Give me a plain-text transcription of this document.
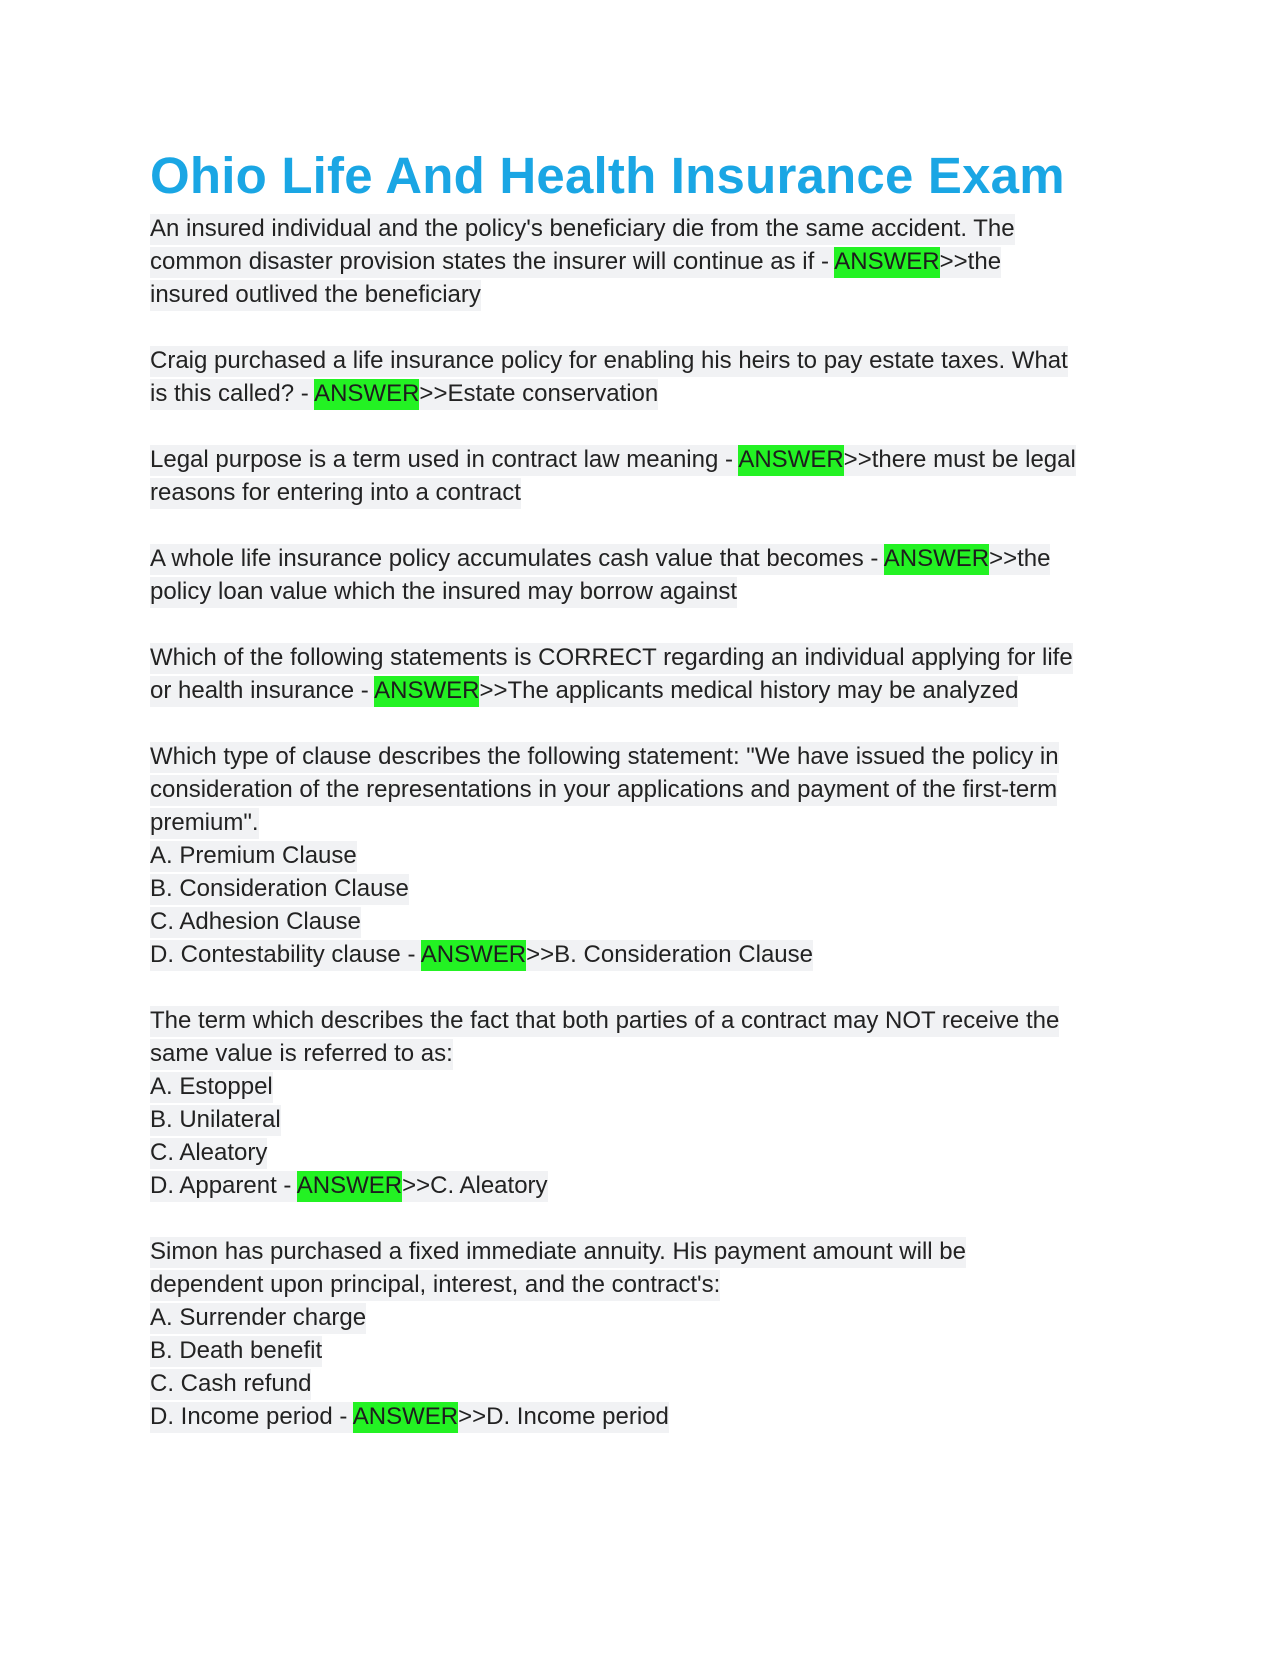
Ohio Life And Health Insurance Exam
An insured individual and the policy's beneficiary die from the same accident. The
common disaster provision states the insurer will continue as if - ANSWER>>the
insured outlived the beneficiary
Craig purchased a life insurance policy for enabling his heirs to pay estate taxes. What
is this called? - ANSWER>>Estate conservation
Legal purpose is a term used in contract law meaning - ANSWER>>there must be legal
reasons for entering into a contract
A whole life insurance policy accumulates cash value that becomes - ANSWER>>the
policy loan value which the insured may borrow against
Which of the following statements is CORRECT regarding an individual applying for life
or health insurance - ANSWER>>The applicants medical history may be analyzed
Which type of clause describes the following statement: "We have issued the policy in
consideration of the representations in your applications and payment of the first-term
premium".
A. Premium Clause
B. Consideration Clause
C. Adhesion Clause
D. Contestability clause - ANSWER>>B. Consideration Clause
The term which describes the fact that both parties of a contract may NOT receive the
same value is referred to as:
A. Estoppel
B. Unilateral
C. Aleatory
D. Apparent - ANSWER>>C. Aleatory
Simon has purchased a fixed immediate annuity. His payment amount will be
dependent upon principal, interest, and the contract's:
A. Surrender charge
B. Death benefit
C. Cash refund
D. Income period - ANSWER>>D. Income period
